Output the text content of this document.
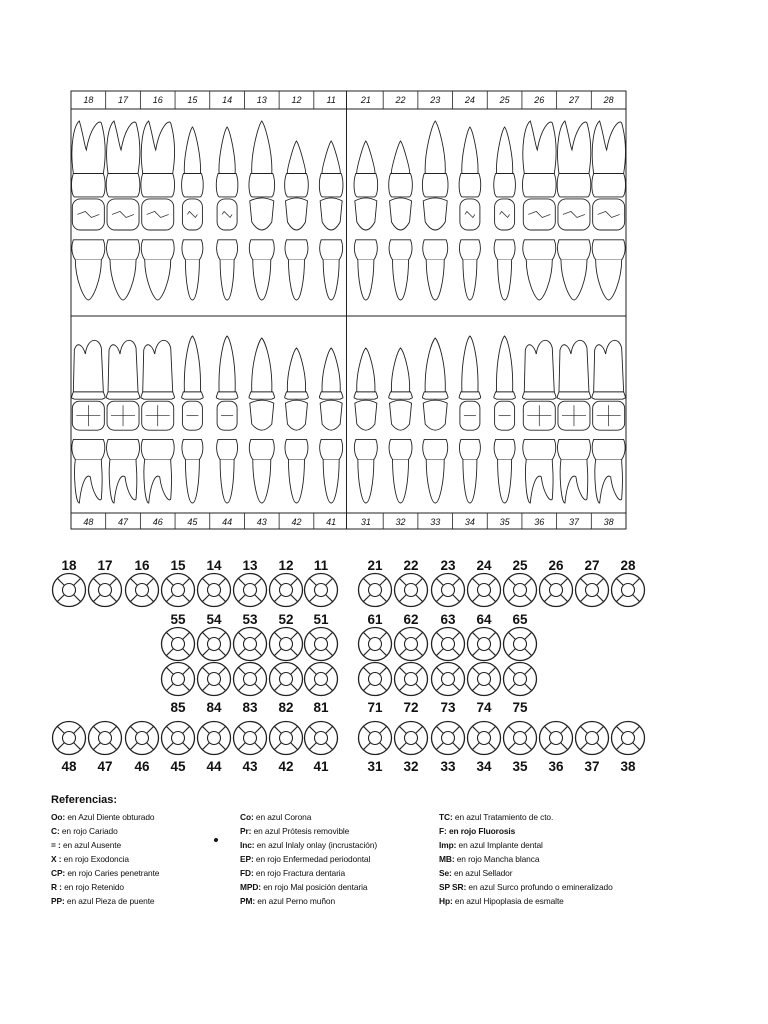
18	17	16	15	14	13	12	11	21	22	23	24	25	26	27	28
48	47	46	45	44	43	42	41	31	32	33	34	35	36	37	38
18	17	16	15	14	13	12	11	21	22	23	24	25	26	27	28
55	54	53	52	51	61	62	63	64	65
85	84	83	82	81	71	72	73	74	75
48	47	46	45	44	43	42	41	31	32	33	34	35	36	37	38
Referencias:
Oo: en Azul Diente obturado
C: en rojo Cariado
= : en azul Ausente
X : en rojo Exodoncia
CP: en rojo Caries penetrante
R : en rojo Retenido
PP: en azul Pieza de puente
Co: en azul Corona
Pr: en azul Prótesis removible
Inc: en azul Inlaly onlay (incrustación)
EP: en rojo Enfermedad periodontal
FD: en rojo Fractura dentaria
MPD: en rojo Mal posición dentaria
PM: en azul Perno muñon
TC: en azul Tratamiento de cto.
F: en rojo Fluorosis
Imp: en azul Implante dental
MB: en rojo Mancha blanca
Se: en azul Sellador
SP SR: en azul Surco profundo o emineralizado
Hp: en azul Hipoplasia de esmalte
